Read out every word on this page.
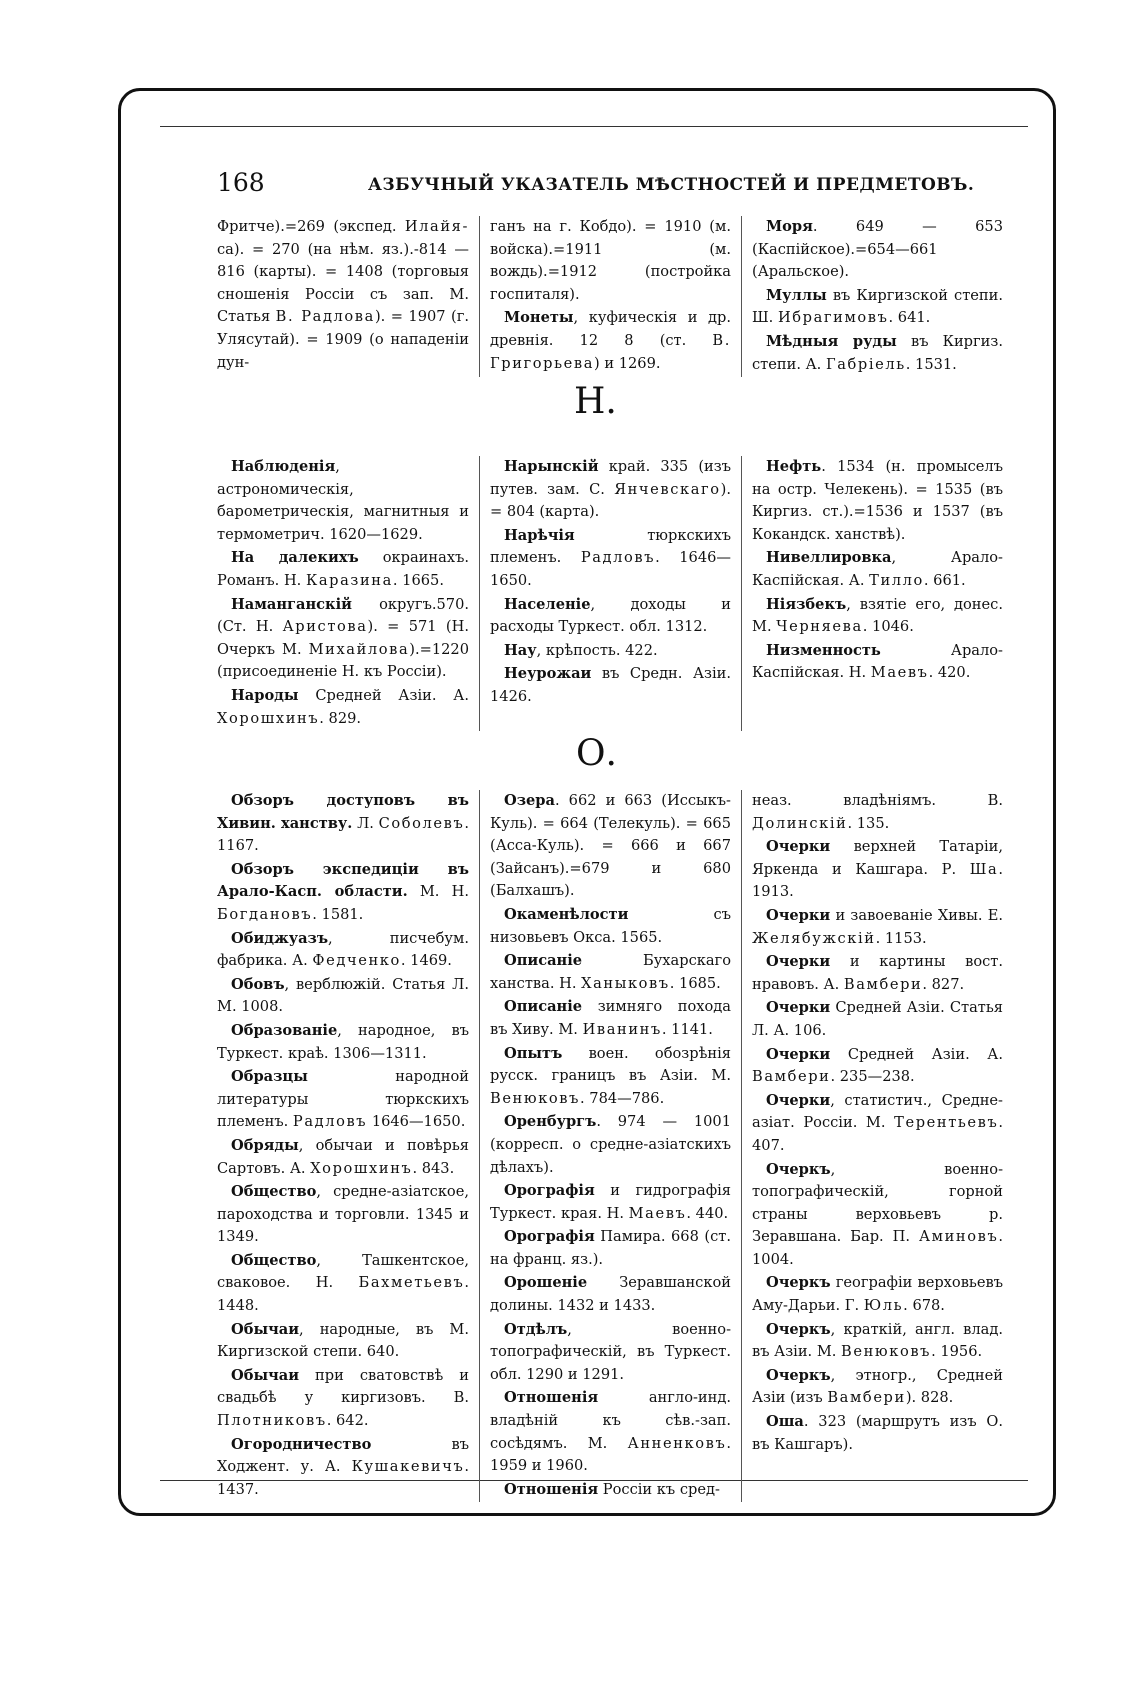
168	АЗБУЧНЫЙ УКАЗАТЕЛЬ МѢСТНОСТЕЙ И ПРЕДМЕТОВЪ.

Фритче).=269 (экспед. Илайя- са). = 270 (на нѣм. яз.).-814 — 816 (карты). = 1408 (торговыя сношенія Россіи съ зап. М. Статья В. Радлова). = 1907 (г. Улясутай). = 1909 (о нападеніи дун-

ганъ на г. Кобдо). = 1910 (м. войска).=1911 (м. вождь).=1912 (постройка госпиталя).

Монеты, куфическія и др. древнія. 12 8 (ст. В. Григорьева) и 1269.

Моря. 649 — 653 (Каспійское).=654—661 (Аральское).

Муллы въ Киргизской степи. Ш. Ибрагимовъ. 641.

Мѣдныя руды въ Киргиз. степи. А. Габріель. 1531.

Н.

Наблюденія, астрономическія, барометрическія, магнитныя и термометрич. 1620—1629.

На далекихъ окраинахъ. Романъ. Н. Каразина. 1665.

Наманганскій округъ.570. (Ст. Н. Аристова). = 571 (Н. Очеркъ М. Михайлова).=1220 (присоединеніе Н. къ Россіи).

Народы Средней Азіи. А. Хорошхинъ. 829.

Нарынскій край. 335 (изъ путев. зам. С. Янчевскаго). = 804 (карта).

Нарѣчія тюркскихъ племенъ. Радловъ. 1646—1650.

Населеніе, доходы и расходы Туркест. обл. 1312.

Нау, крѣпость. 422.

Неурожаи въ Средн. Азіи. 1426.

Нефть. 1534 (н. промыселъ на остр. Челекень). = 1535 (въ Киргиз. ст.).=1536 и 1537 (въ Кокандск. ханствѣ).

Нивеллировка, Арало-Каспійская. А. Тилло. 661.

Ніязбекъ, взятіе его, донес. М. Черняева. 1046.

Низменность Арало-Каспійская. Н. Маевъ. 420.

О.

Обзоръ доступовъ въ Хивин. ханству. Л. Соболевъ. 1167.

Обзоръ экспедиціи въ Арало-Касп. области. М. Н. Богдановъ. 1581.

Обиджуазъ, писчебум. фабрика. А. Федченко. 1469.

Обовъ, верблюжій. Статья Л. М. 1008.

Образованіе, народное, въ Туркест. краѣ. 1306—1311.

Образцы народной литературы тюркскихъ племенъ. Радловъ 1646—1650.

Обряды, обычаи и повѣрья Сартовъ. А. Хорошхинъ. 843.

Общество, средне-азіатское, пароходства и торговли. 1345 и 1349.

Общество, Ташкентское, сваковое. Н. Бахметьевъ. 1448.

Обычаи, народные, въ М. Киргизской степи. 640.

Обычаи при сватовствѣ и свадьбѣ у киргизовъ. В. Плотниковъ. 642.

Огородничество въ Ходжент. у. А. Кушакевичъ. 1437.

Озера. 662 и 663 (Иссыкъ-Куль). = 664 (Телекуль). = 665 (Асса-Куль). = 666 и 667 (Зайсанъ).=679 и 680 (Балхашъ).

Окаменѣлости съ низовьевъ Окса. 1565.

Описаніе Бухарскаго ханства. Н. Ханыковъ. 1685.

Описаніе зимняго похода въ Хиву. М. Иванинъ. 1141.

Опытъ воен. обозрѣнія русск. границъ въ Азіи. М. Венюковъ. 784—786.

Оренбургъ. 974 — 1001 (корресп. о средне-азіатскихъ дѣлахъ).

Орографія и гидрографія Туркест. края. Н. Маевъ. 440.

Орографія Памира. 668 (ст. на франц. яз.).

Орошеніе Зеравшанской долины. 1432 и 1433.

Отдѣлъ, военно-топографическій, въ Туркест. обл. 1290 и 1291.

Отношенія англо-инд. владѣній къ сѣв.-зап. сосѣдямъ. М. Анненковъ. 1959 и 1960.

Отношенія Россіи къ сред-

неаз. владѣніямъ. В. Долинскій. 135.

Очерки верхней Татаріи, Яркенда и Кашгара. Р. Ша. 1913.

Очерки и завоеваніе Хивы. Е. Желябужскій. 1153.

Очерки и картины вост. нравовъ. А. Вамбери. 827.

Очерки Средней Азіи. Статья Л. А. 106.

Очерки Средней Азіи. А. Вамбери. 235—238.

Очерки, статистич., Средне-азіат. Россіи. М. Терентьевъ. 407.

Очеркъ, военно-топографическій, горной страны верховьевъ р. Зеравшана. Бар. П. Аминовъ. 1004.

Очеркъ географіи верховьевъ Аму-Дарьи. Г. Юль. 678.

Очеркъ, краткій, англ. влад. въ Азіи. М. Венюковъ. 1956.

Очеркъ, этногр., Средней Азіи (изъ Вамбери). 828.

Оша. 323 (маршрутъ изъ О. въ Кашгаръ).
